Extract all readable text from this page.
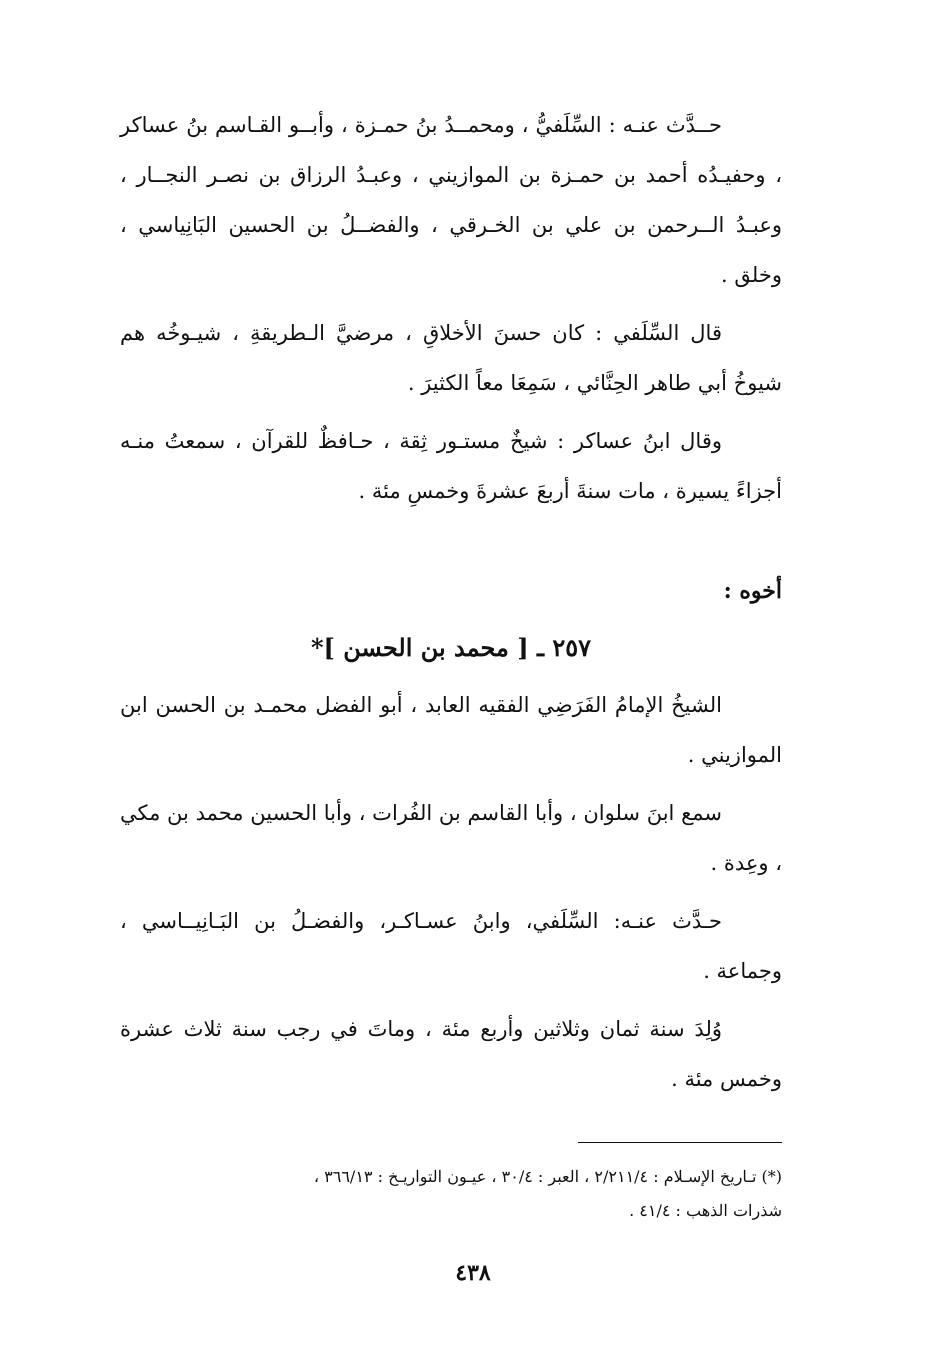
حــدَّث عنـه : السِّلَفيُّ ، ومحمــدُ بنُ حمـزة ، وأبــو القـاسم بنُ عساكر ، وحفيـدُه أحمد بن حمـزة بن الموازيني ، وعبـدُ الرزاق بن نصـر النجــار ، وعبـدُ الــرحمن بن علي بن الخـرقي ، والفضــلُ بن الحسين البَانِياسي ، وخلق .

قال السِّلَفي : كان حسنَ الأخلاقِ ، مرضيَّ الـطريقةِ ، شيـوخُه هم شيوخُ أبي طاهر الحِنَّائي ، سَمِعَا معاً الكثيرَ .

وقال ابنُ عساكر : شيخٌ مستـور ثِقة ، حـافظٌ للقرآن ، سمعتُ منـه أجزاءً يسيرة ، مات سنةَ أربعَ عشرةَ وخمسِ مئة .

أخوه :
٢٥٧ ـ [ محمد بن الحسن ]*

الشيخُ الإمامُ الفَرَضِي الفقيه العابد ، أبو الفضل محمـد بن الحسن ابن الموازيني .

سمع ابنَ سلوان ، وأبا القاسم بن الفُرات ، وأبا الحسين محمد بن مكي ، وعِدة .

حـدَّث عنـه: السِّلَفي، وابنُ عسـاكـر، والفضـلُ بن البَـانِيــاسي ، وجماعة .

وُلِدَ سنة ثمان وثلاثين وأربع مئة ، وماتَ في رجب سنة ثلاث عشرة وخمس مئة .

(*) تـاريخ الإسـلام : ٢/٢١١/٤ ، العبر : ٣٠/٤ ، عيـون التواريـخ : ٣٦٦/١٣ ،

شذرات الذهب : ٤١/٤ .

٤٣٨
